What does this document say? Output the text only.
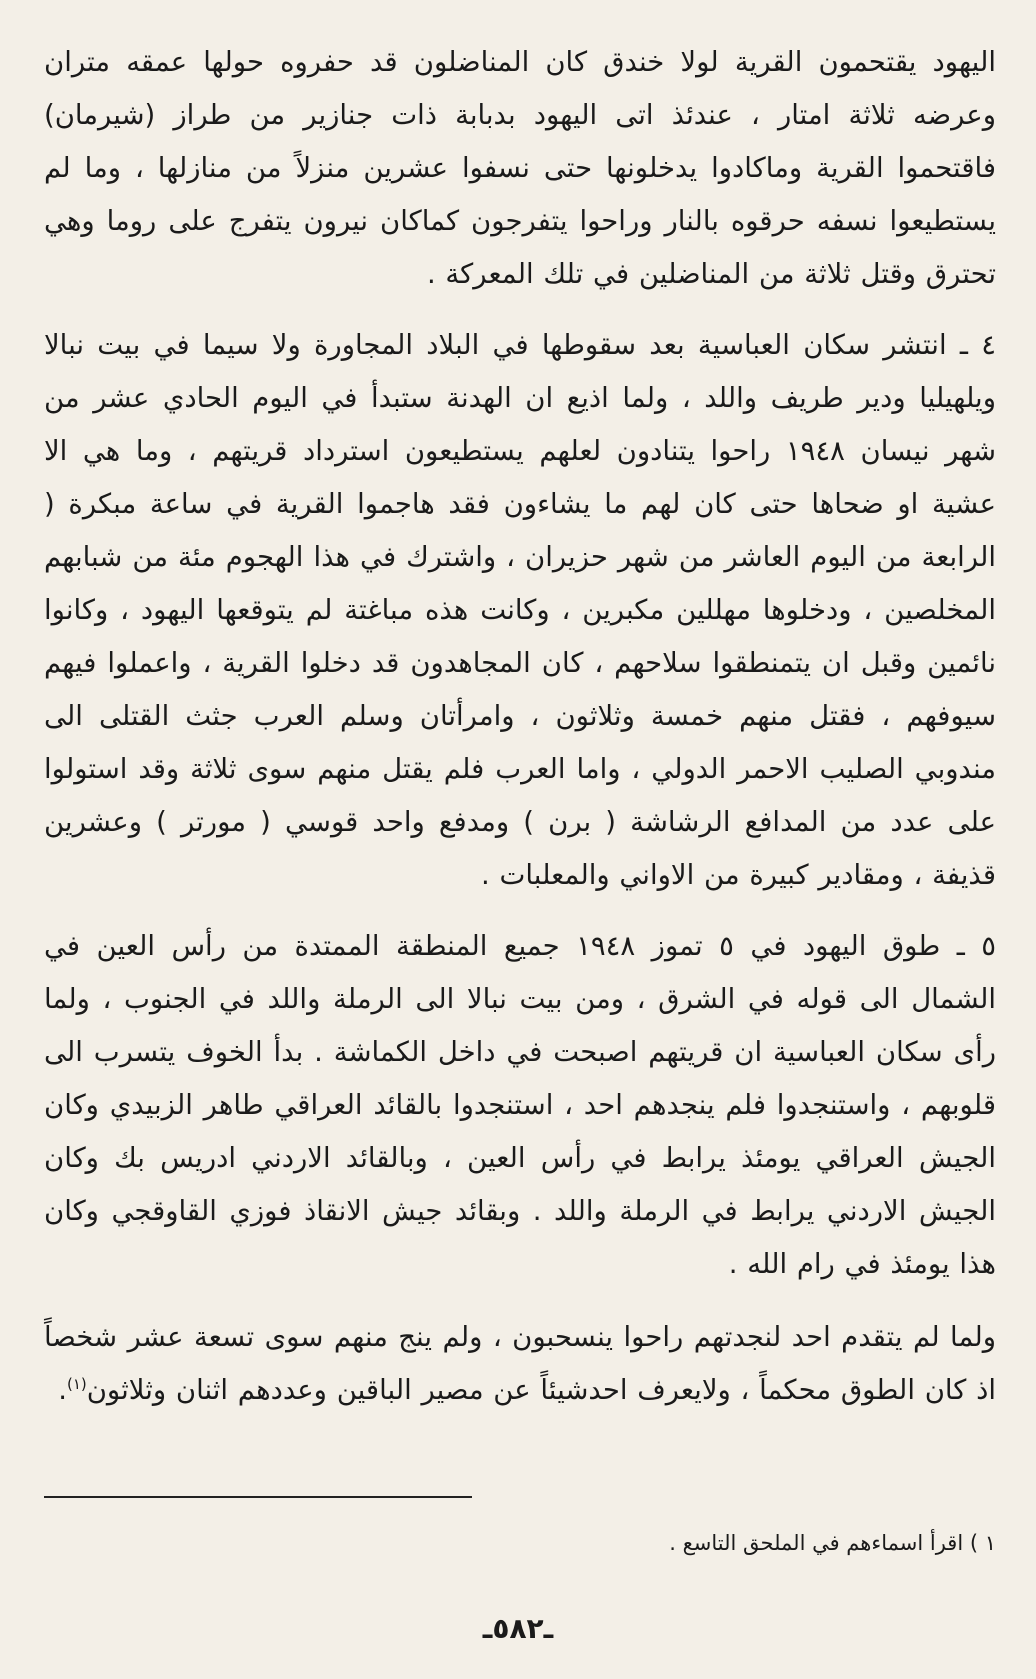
اليهود يقتحمون القرية لولا خندق كان المناضلون قد حفروه حولها عمقه متران وعرضه ثلاثة امتار ، عندئذ اتى اليهود بدبابة ذات جنازير من طراز (شيرمان) فاقتحموا القرية وماكادوا يدخلونها حتى نسفوا عشرين منزلاً من منازلها ، وما لم يستطيعوا نسفه حرقوه بالنار وراحوا يتفرجون كماكان نيرون يتفرج على روما وهي تحترق وقتل ثلاثة من المناضلين في تلك المعركة .

٤ ـ انتشر سكان العباسية بعد سقوطها في البلاد المجاورة ولا سيما في بيت نبالا ويلهيليا ودير طريف واللد ، ولما اذيع ان الهدنة ستبدأ في اليوم الحادي عشر من شهر نيسان ١٩٤٨ راحوا يتنادون لعلهم يستطيعون استرداد قريتهم ، وما هي الا عشية او ضحاها حتى كان لهم ما يشاءون فقد هاجموا القرية في ساعة مبكرة ( الرابعة من اليوم العاشر من شهر حزيران ، واشترك في هذا الهجوم مئة من شبابهم المخلصين ، ودخلوها مهللين مكبرين ، وكانت هذه مباغتة لم يتوقعها اليهود ، وكانوا نائمين وقبل ان يتمنطقوا سلاحهم ، كان المجاهدون قد دخلوا القرية ، واعملوا فيهم سيوفهم ، فقتل منهم خمسة وثلاثون ، وامرأتان وسلم العرب جثث القتلى الى مندوبي الصليب الاحمر الدولي ، واما العرب فلم يقتل منهم سوى ثلاثة وقد استولوا على عدد من المدافع الرشاشة ( برن ) ومدفع واحد قوسي ( مورتر ) وعشرين قذيفة ، ومقادير كبيرة من الاواني والمعلبات .

٥ ـ طوق اليهود في ٥ تموز ١٩٤٨ جميع المنطقة الممتدة من رأس العين في الشمال الى قوله في الشرق ، ومن بيت نبالا الى الرملة واللد في الجنوب ، ولما رأى سكان العباسية ان قريتهم اصبحت في داخل الكماشة . بدأ الخوف يتسرب الى قلوبهم ، واستنجدوا فلم ينجدهم احد ، استنجدوا بالقائد العراقي طاهر الزبيدي وكان الجيش العراقي يومئذ يرابط في رأس العين ، وبالقائد الاردني ادريس بك وكان الجيش الاردني يرابط في الرملة واللد . وبقائد جيش الانقاذ فوزي القاوقجي وكان هذا يومئذ في رام الله .

ولما لم يتقدم احد لنجدتهم راحوا ينسحبون ، ولم ينج منهم سوى تسعة عشر شخصاً اذ كان الطوق محكماً ، ولايعرف احدشيئاً عن مصير الباقين وعددهم اثنان وثلاثون$^{(١)}$.

١ ) اقرأ اسماءهم في الملحق التاسع .
ـ٥٨٢ـ
